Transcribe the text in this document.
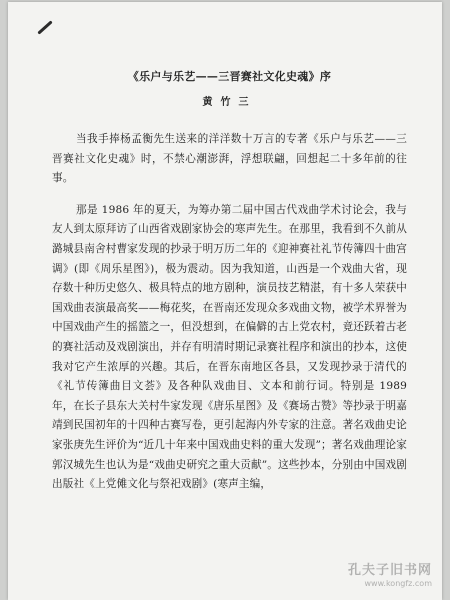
《乐户与乐艺——三晋赛社文化史魂》序
黄竹三

当我手捧杨孟衡先生送来的洋洋数十万言的专著《乐户与乐艺——三晋赛社文化史魂》时，不禁心潮澎湃，浮想联翩，回想起二十多年前的往事。

那是 1986 年的夏天，为筹办第二届中国古代戏曲学术讨论会，我与友人到太原拜访了山西省戏剧家协会的寒声先生。在那里，我看到不久前从潞城县南舍村曹家发现的抄录于明万历二年的《迎神赛社礼节传簿四十曲宫调》(即《周乐星图》)，极为震动。因为我知道，山西是一个戏曲大省，现存数十种历史悠久、极具特点的地方剧种，演员技艺精湛，有十多人荣获中国戏曲表演最高奖——梅花奖，在晋南还发现众多戏曲文物，被学术界誉为中国戏曲产生的摇篮之一，但没想到，在偏僻的古上党农村，竟还跃着古老的赛社活动及戏剧演出，并存有明清时期记录赛社程序和演出的抄本，这使我对它产生浓厚的兴趣。其后，在晋东南地区各县，又发现抄录于清代的《礼节传簿曲目文荟》及各种队戏曲目、文本和前行词。特别是 1989 年，在长子县东大关村牛家发现《唐乐星图》及《赛场古赞》等抄录于明嘉靖到民国初年的十四种古赛写卷，更引起海内外专家的注意。著名戏曲史论家张庚先生评价为“近几十年来中国戏曲史料的重大发现”；著名戏曲理论家郭汉城先生也认为是“戏曲史研究之重大贡献”。这些抄本，分别由中国戏剧出版社《上党傩文化与祭祀戏剧》(寒声主编，

孔夫子旧书网
www.kongfz.com
